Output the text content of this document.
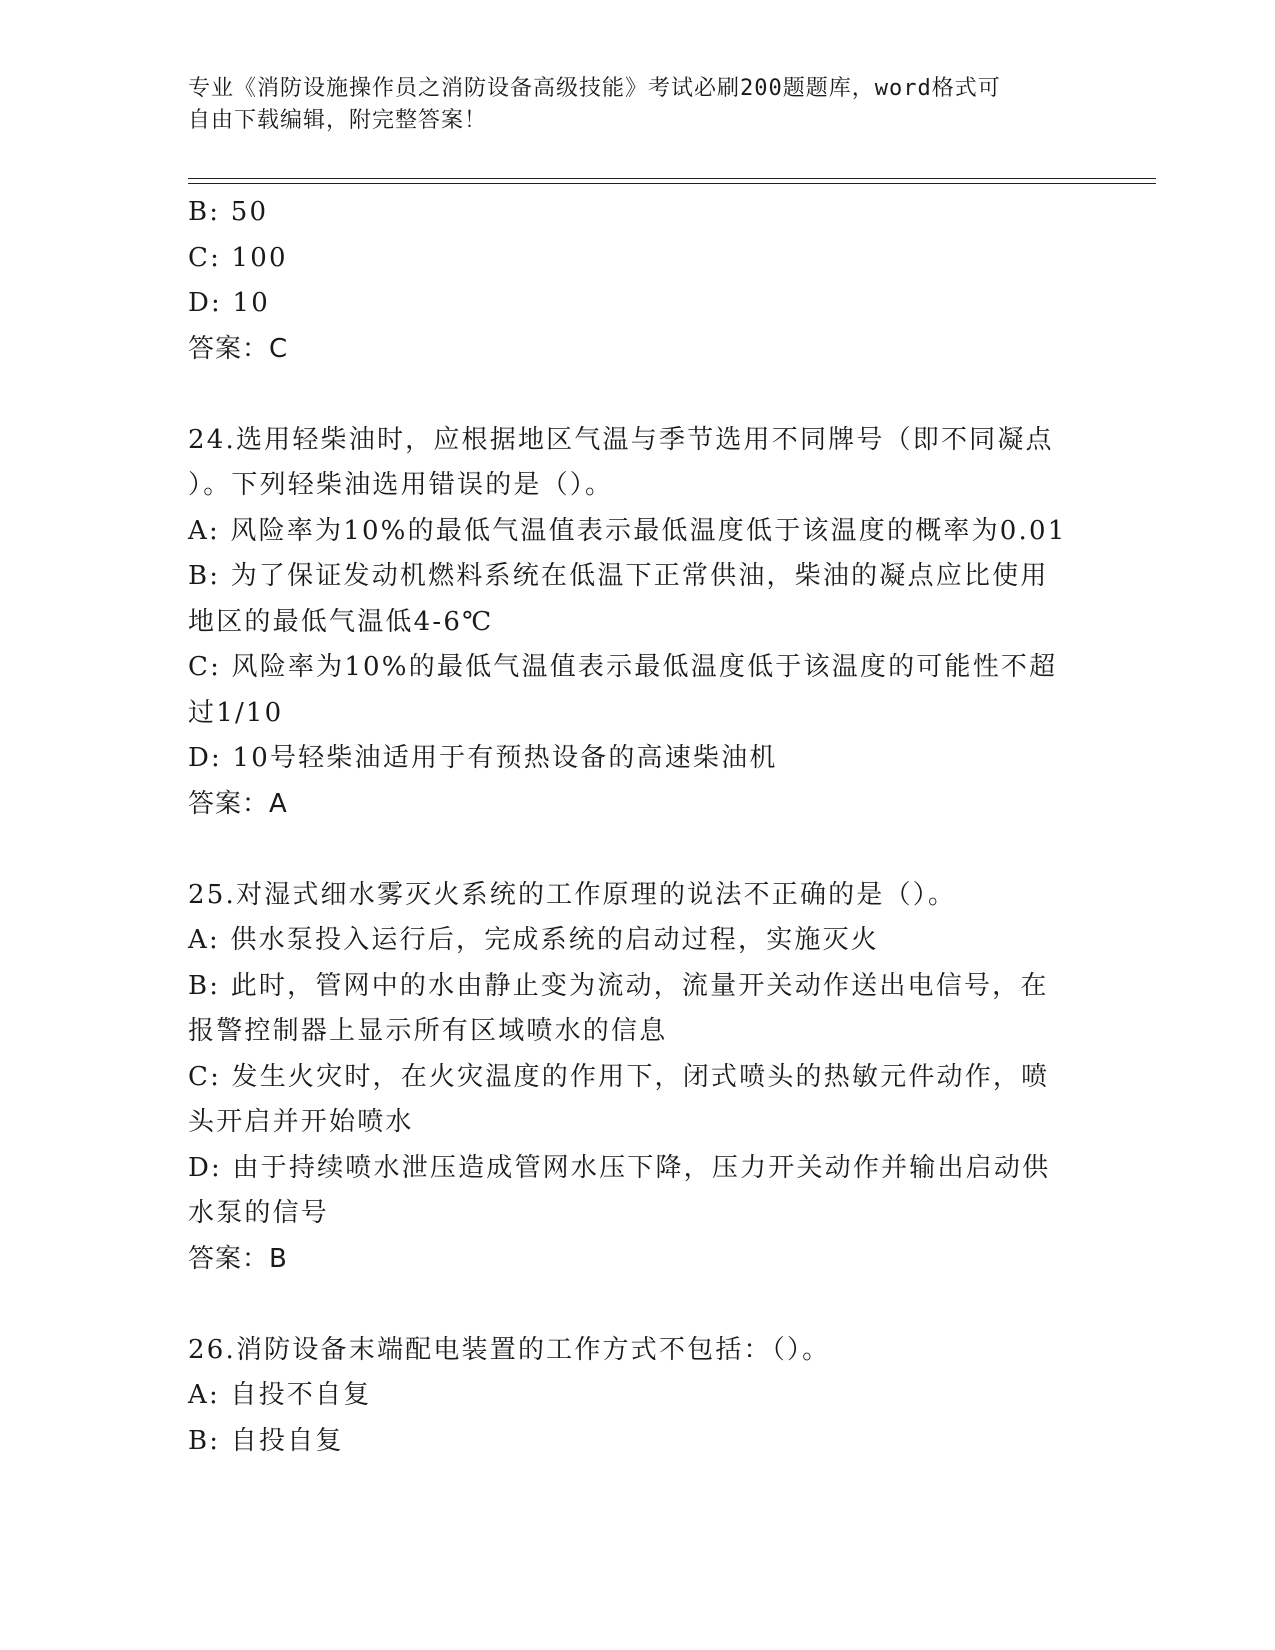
专业《消防设施操作员之消防设备高级技能》考试必刷200题题库，word格式可
自由下载编辑，附完整答案！
B: 50
C: 100
D: 10
答案：C
24.选用轻柴油时，应根据地区气温与季节选用不同牌号（即不同凝点
）。下列轻柴油选用错误的是（）。
A: 风险率为10%的最低气温值表示最低温度低于该温度的概率为0.01
B: 为了保证发动机燃料系统在低温下正常供油，柴油的凝点应比使用
地区的最低气温低4-6℃
C: 风险率为10%的最低气温值表示最低温度低于该温度的可能性不超
过1/10
D: 10号轻柴油适用于有预热设备的高速柴油机
答案：A
25.对湿式细水雾灭火系统的工作原理的说法不正确的是（）。
A: 供水泵投入运行后，完成系统的启动过程，实施灭火
B: 此时，管网中的水由静止变为流动，流量开关动作送出电信号，在
报警控制器上显示所有区域喷水的信息
C: 发生火灾时，在火灾温度的作用下，闭式喷头的热敏元件动作，喷
头开启并开始喷水
D: 由于持续喷水泄压造成管网水压下降，压力开关动作并输出启动供
水泵的信号
答案：B
26.消防设备末端配电装置的工作方式不包括：（）。
A: 自投不自复
B: 自投自复
